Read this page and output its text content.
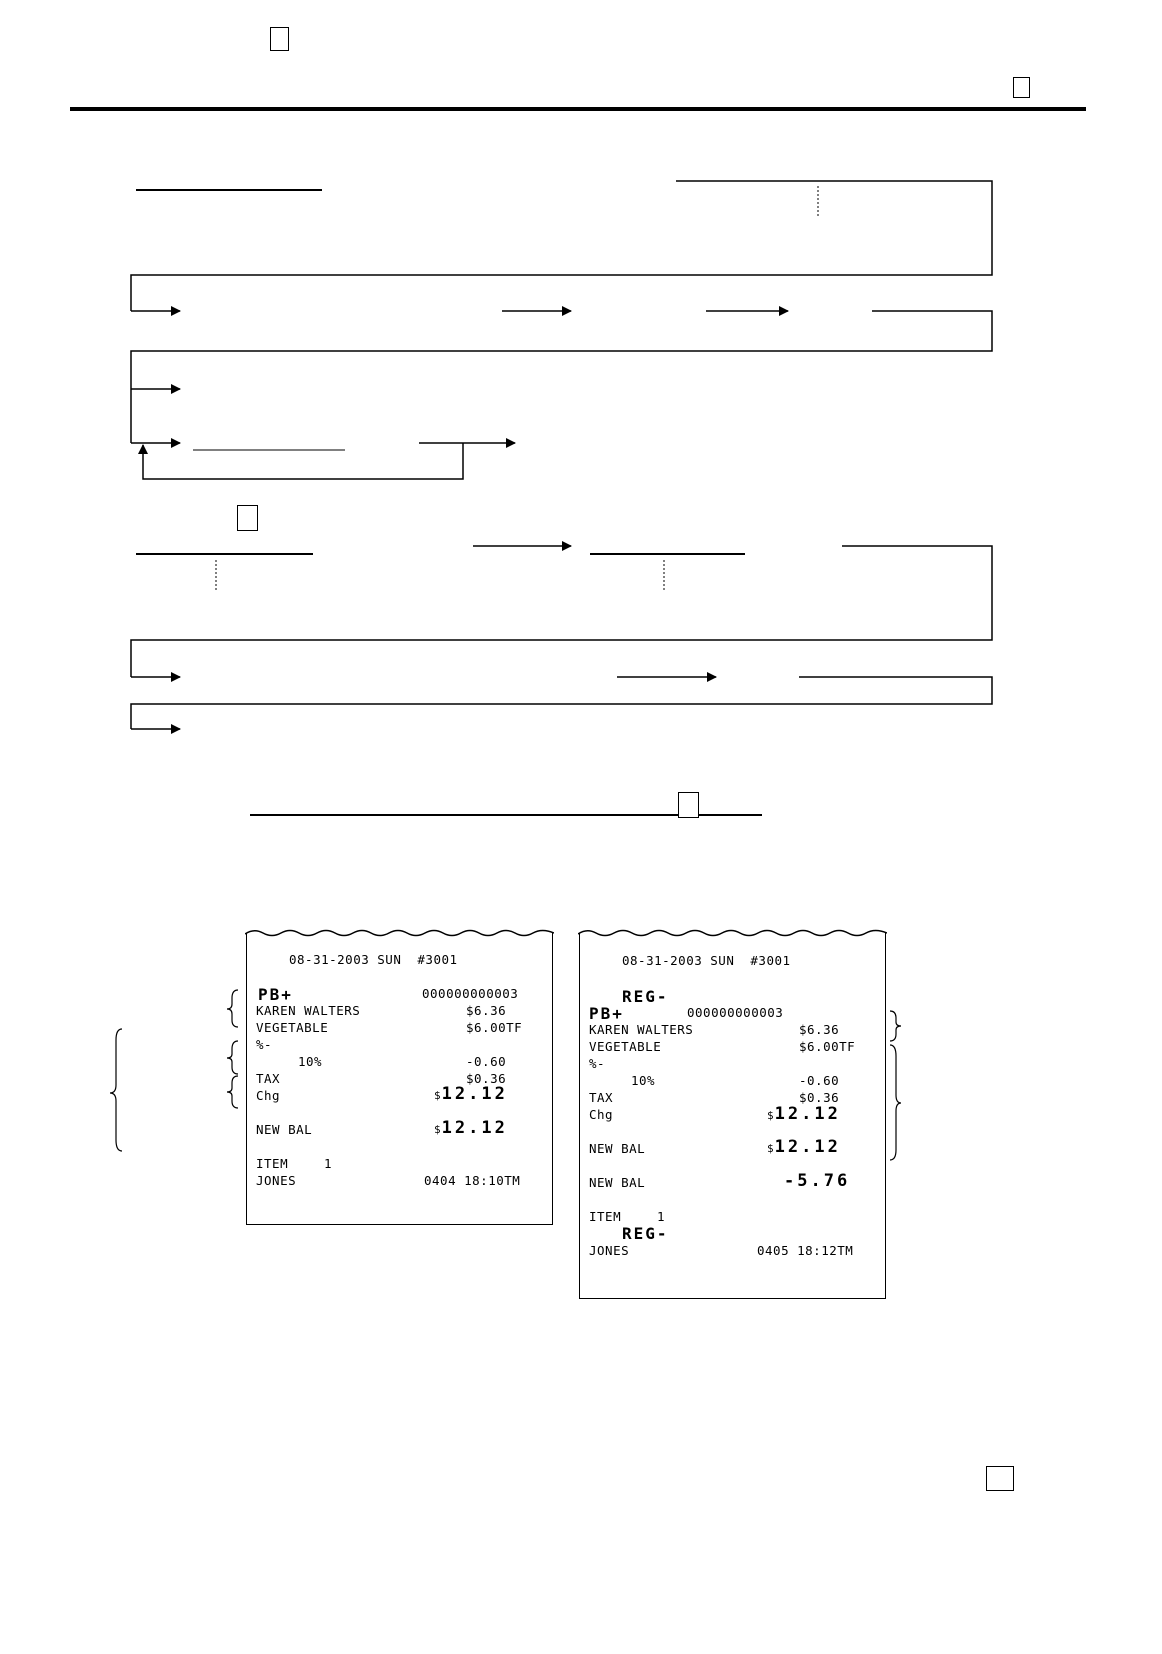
08-31-2003 SUN  #3001
PB+	000000000003
KAREN WALTERS	$6.36
VEGETABLE	$6.00TF
%-
10%	-0.60
TAX	$0.36
Chg	$12.12
NEW BAL	$12.12
ITEM	1
JONES	0404 18:10TM
08-31-2003 SUN  #3001
REG-
PB+	000000000003
KAREN WALTERS	$6.36
VEGETABLE	$6.00TF
%-
10%	-0.60
TAX	$0.36
Chg	$12.12
NEW BAL	$12.12
NEW BAL	-5.76
ITEM	1
REG-
JONES	0405 18:12TM
